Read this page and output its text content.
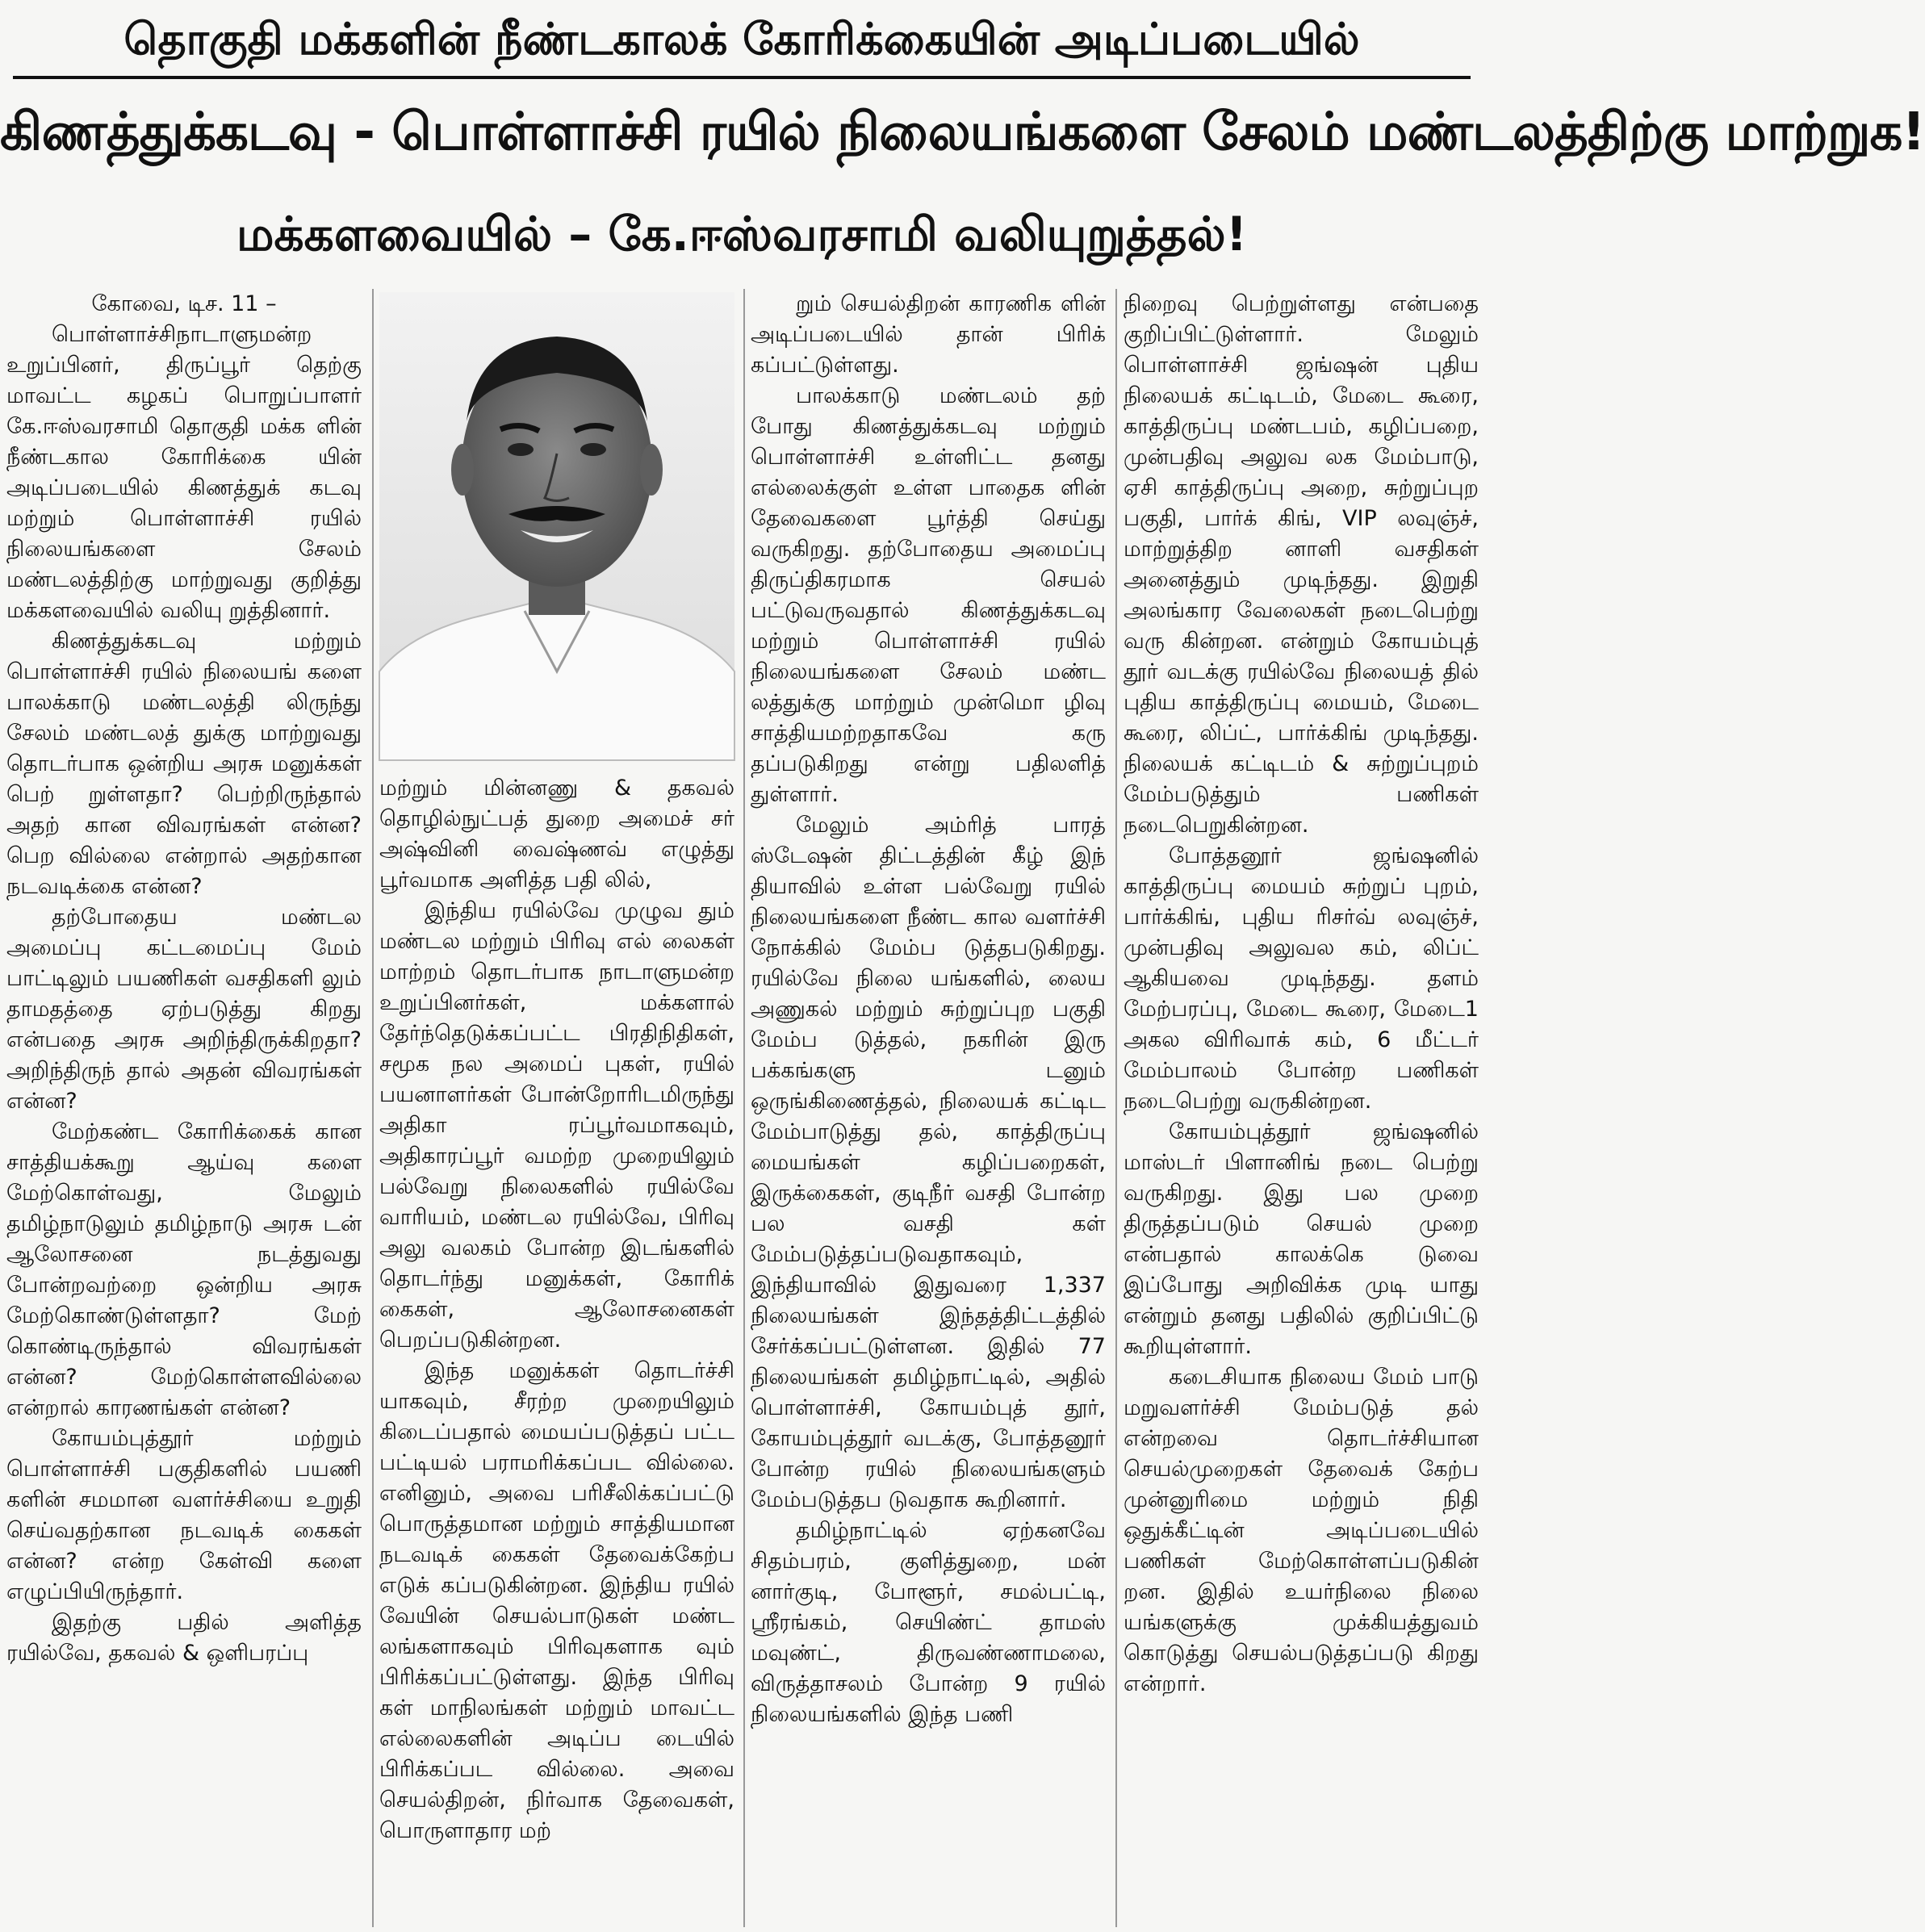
தொகுதி மக்களின் நீண்டகாலக் கோரிக்கையின் அடிப்படையில்
கிணத்துக்கடவு - பொள்ளாச்சி ரயில் நிலையங்களை சேலம் மண்டலத்திற்கு மாற்றுக!
மக்களவையில் – கே.ஈஸ்வரசாமி வலியுறுத்தல்!

கோவை, டிச. 11 –

பொள்ளாச்சிநாடாளுமன்ற உறுப்பினர், திருப்பூர் தெற்கு மாவட்ட கழகப் பொறுப்பாளர் கே.ஈஸ்வரசாமி தொகுதி மக்க ளின் நீண்டகால கோரிக்கை யின் அடிப்படையில் கிணத்துக் கடவு மற்றும் பொள்ளாச்சி ரயில் நிலையங்களை சேலம் மண்டலத்திற்கு மாற்றுவது குறித்து மக்களவையில் வலியு றுத்தினார்.

கிணத்துக்கடவு மற்றும் பொள்ளாச்சி ரயில் நிலையங் களை பாலக்காடு மண்டலத்தி லிருந்து சேலம் மண்டலத் துக்கு மாற்றுவது தொடர்பாக ஒன்றிய அரசு மனுக்கள் பெற் றுள்ளதா? பெற்றிருந்தால் அதற் கான விவரங்கள் என்ன? பெற வில்லை என்றால் அதற்கான நடவடிக்கை என்ன?

தற்போதைய மண்டல அமைப்பு கட்டமைப்பு மேம் பாட்டிலும் பயணிகள் வசதிகளி லும் தாமதத்தை ஏற்படுத்து கிறது என்பதை அரசு அறிந்திருக்கிறதா? அறிந்திருந் தால் அதன் விவரங்கள் என்ன?

மேற்கண்ட கோரிக்கைக் கான சாத்தியக்கூறு ஆய்வு களை மேற்கொள்வது, மேலும் தமிழ்நாடுலும் தமிழ்நாடு அரசு டன் ஆலோசனை நடத்துவது போன்றவற்றை ஒன்றிய அரசு மேற்கொண்டுள்ளதா? மேற் கொண்டிருந்தால் விவரங்கள் என்ன? மேற்கொள்ளவில்லை என்றால் காரணங்கள் என்ன?

கோயம்புத்தூர் மற்றும் பொள்ளாச்சி பகுதிகளில் பயணி களின் சமமான வளர்ச்சியை உறுதி செய்வதற்கான நடவடிக் கைகள் என்ன? என்ற கேள்வி களை எழுப்பியிருந்தார்.

இதற்கு பதில் அளித்த ரயில்வே, தகவல் & ஒளிபரப்பு

மற்றும் மின்னணு & தகவல் தொழில்நுட்பத் துறை அமைச் சர் அஷ்வினி வைஷ்ணவ் எழுத்து பூர்வமாக அளித்த பதி லில்,

இந்திய ரயில்வே முழுவ தும் மண்டல மற்றும் பிரிவு எல் லைகள் மாற்றம் தொடர்பாக நாடாளுமன்ற உறுப்பினர்கள், மக்களால் தேர்ந்தெடுக்கப்பட்ட பிரதிநிதிகள், சமூக நல அமைப் புகள், ரயில் பயனாளர்கள் போன்றோரிடமிருந்து அதிகா ரப்பூர்வமாகவும், அதிகாரப்பூர் வமற்ற முறையிலும் பல்வேறு நிலைகளில் ரயில்வே வாரியம், மண்டல ரயில்வே, பிரிவு அலு வலகம் போன்ற இடங்களில் தொடர்ந்து மனுக்கள், கோரிக் கைகள், ஆலோசனைகள் பெறப்படுகின்றன.

இந்த மனுக்கள் தொடர்ச்சி யாகவும், சீரற்ற முறையிலும் கிடைப்பதால் மையப்படுத்தப் பட்ட பட்டியல் பராமரிக்கப்பட வில்லை. எனினும், அவை பரிசீலிக்கப்பட்டு பொருத்தமான மற்றும் சாத்தியமான நடவடிக் கைகள் தேவைக்கேற்ப எடுக் கப்படுகின்றன. இந்திய ரயில் வேயின் செயல்பாடுகள் மண்ட லங்களாகவும் பிரிவுகளாக வும் பிரிக்கப்பட்டுள்ளது. இந்த பிரிவு கள் மாநிலங்கள் மற்றும் மாவட்ட எல்லைகளின் அடிப்ப டையில் பிரிக்கப்பட வில்லை. அவை செயல்திறன், நிர்வாக தேவைகள், பொருளாதார மற்

றும் செயல்திறன் காரணிக ளின் அடிப்படையில் தான் பிரிக் கப்பட்டுள்ளது.

பாலக்காடு மண்டலம் தற் போது கிணத்துக்கடவு மற்றும் பொள்ளாச்சி உள்ளிட்ட தனது எல்லைக்குள் உள்ள பாதைக ளின் தேவைகளை பூர்த்தி செய்து வருகிறது. தற்போதைய அமைப்பு திருப்திகரமாக செயல் பட்டுவருவதால் கிணத்துக்கடவு மற்றும் பொள்ளாச்சி ரயில் நிலையங்களை சேலம் மண்ட லத்துக்கு மாற்றும் முன்மொ ழிவு சாத்தியமற்றதாகவே கரு தப்படுகிறது என்று பதிலளித் துள்ளார்.

மேலும் அம்ரித் பாரத் ஸ்டேஷன் திட்டத்தின் கீழ் இந் தியாவில் உள்ள பல்வேறு ரயில் நிலையங்களை நீண்ட கால வளர்ச்சி நோக்கில் மேம்ப டுத்தபடுகிறது. ரயில்வே நிலை யங்களில், லைய அணுகல் மற்றும் சுற்றுப்புற பகுதி மேம்ப டுத்தல், நகரின் இரு பக்கங்களு டனும் ஒருங்கிணைத்தல், நிலையக் கட்டிட மேம்பாடுத்து தல், காத்திருப்பு மையங்கள் கழிப்பறைகள், இருக்கைகள், குடிநீர் வசதி போன்ற பல வசதி கள் மேம்படுத்தப்படுவதாகவும், இந்தியாவில் இதுவரை 1,337 நிலையங்கள் இந்தத்திட்டத்தில் சேர்க்கப்பட்டுள்ளன. இதில் 77 நிலையங்கள் தமிழ்நாட்டில், அதில் பொள்ளாச்சி, கோயம்புத் தூர், கோயம்புத்தூர் வடக்கு, போத்தனூர் போன்ற ரயில் நிலையங்களும் மேம்படுத்தப டுவதாக கூறினார்.

தமிழ்நாட்டில் ஏற்கனவே சிதம்பரம், குளித்துறை, மன் னார்குடி, போளூர், சமல்பட்டி, ஸ்ரீரங்கம், செயிண்ட் தாமஸ் மவுண்ட், திருவண்ணாமலை, விருத்தாசலம் போன்ற 9 ரயில் நிலையங்களில் இந்த பணி

நிறைவு பெற்றுள்ளது என்பதை குறிப்பிட்டுள்ளார். மேலும் பொள்ளாச்சி ஜங்ஷன் புதிய நிலையக் கட்டிடம், மேடை கூரை, காத்திருப்பு மண்டபம், கழிப்பறை, முன்பதிவு அலுவ லக மேம்பாடு, ஏசி காத்திருப்பு அறை, சுற்றுப்புற பகுதி, பார்க் கிங், VIP லவுஞ்ச், மாற்றுத்திற னாளி வசதிகள் அனைத்தும் முடிந்தது. இறுதி அலங்கார வேலைகள் நடைபெற்று வரு கின்றன. என்றும் கோயம்புத் தூர் வடக்கு ரயில்வே நிலையத் தில் புதிய காத்திருப்பு மையம், மேடை கூரை, லிப்ட், பார்க்கிங் முடிந்தது. நிலையக் கட்டிடம் & சுற்றுப்புறம் மேம்படுத்தும் பணிகள் நடைபெறுகின்றன.

போத்தனூர் ஜங்ஷனில் காத்திருப்பு மையம் சுற்றுப் புறம், பார்க்கிங், புதிய ரிசர்வ் லவுஞ்ச், முன்பதிவு அலுவல கம், லிப்ட் ஆகியவை முடிந்தது. தளம் மேற்பரப்பு, மேடை கூரை, மேடை1 அகல விரிவாக் கம், 6 மீட்டர் மேம்பாலம் போன்ற பணிகள் நடைபெற்று வருகின்றன.

கோயம்புத்தூர் ஜங்ஷனில் மாஸ்டர் பிளானிங் நடை பெற்று வருகிறது. இது பல முறை திருத்தப்படும் செயல் முறை என்பதால் காலக்கெ டுவை இப்போது அறிவிக்க முடி யாது என்றும் தனது பதிலில் குறிப்பிட்டு கூறியுள்ளார்.

கடைசியாக நிலைய மேம் பாடு மறுவளர்ச்சி மேம்படுத் தல் என்றவை தொடர்ச்சியான செயல்முறைகள் தேவைக் கேற்ப முன்னுரிமை மற்றும் நிதி ஒதுக்கீட்டின் அடிப்படையில் பணிகள் மேற்கொள்ளப்படுகின் றன. இதில் உயர்நிலை நிலை யங்களுக்கு முக்கியத்துவம் கொடுத்து செயல்படுத்தப்படு கிறது என்றார்.
